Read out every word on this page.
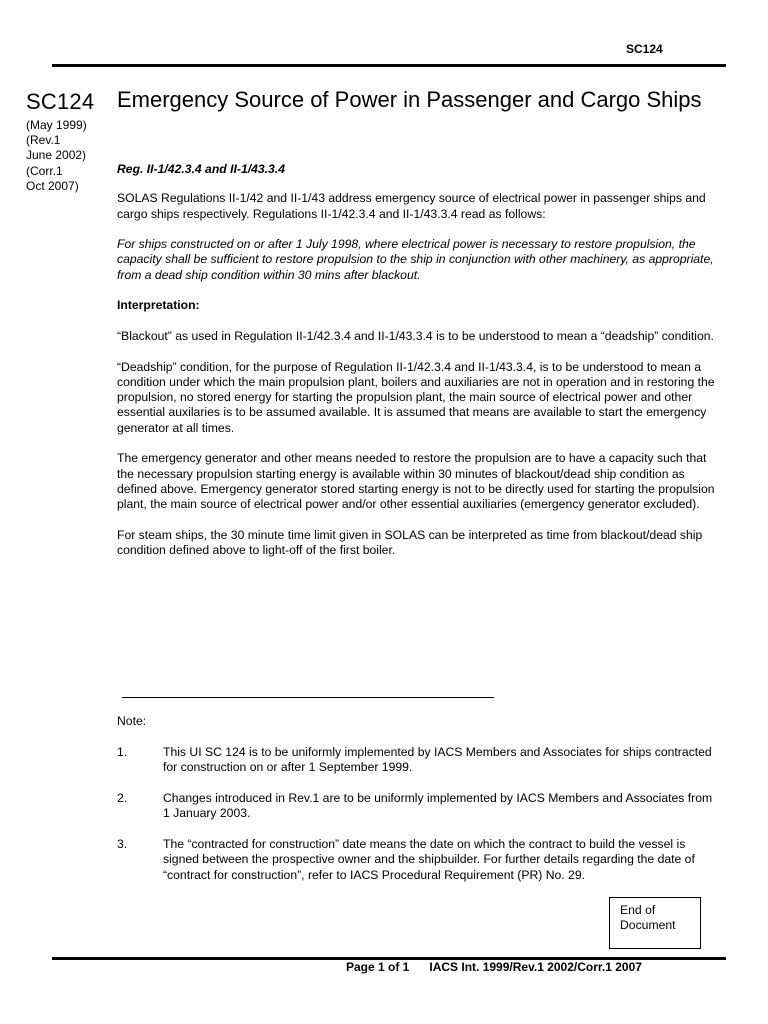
SC124
SC124
(May 1999)
(Rev.1
June 2002)
(Corr.1
Oct 2007)
Emergency Source of Power in Passenger and Cargo Ships

Reg. II-1/42.3.4 and II-1/43.3.4

SOLAS Regulations II-1/42 and II-1/43 address emergency source of electrical power in passenger ships and cargo ships respectively. Regulations II-1/42.3.4 and II-1/43.3.4 read as follows:

For ships constructed on or after 1 July 1998, where electrical power is necessary to restore propulsion, the capacity shall be sufficient to restore propulsion to the ship in conjunction with other machinery, as appropriate, from a dead ship condition within 30 mins after blackout.

Interpretation:

“Blackout” as used in Regulation II-1/42.3.4 and II-1/43.3.4 is to be understood to mean a “deadship” condition.

“Deadship” condition, for the purpose of Regulation II-1/42.3.4 and II-1/43.3.4, is to be understood to mean a condition under which the main propulsion plant, boilers and auxiliaries are not in operation and in restoring the propulsion, no stored energy for starting the propulsion plant, the main source of electrical power and other essential auxilaries is to be assumed available. It is assumed that means are available to start the emergency generator at all times.

The emergency generator and other means needed to restore the propulsion are to have a capacity such that the necessary propulsion starting energy is available within 30 minutes of blackout/dead ship condition as defined above. Emergency generator stored starting energy is not to be directly used for starting the propulsion plant, the main source of electrical power and/or other essential auxiliaries (emergency generator excluded).

For steam ships, the 30 minute time limit given in SOLAS can be interpreted as time from blackout/dead ship condition defined above to light-off of the first boiler.

Note:
1.	This UI SC 124 is to be uniformly implemented by IACS Members and Associates for ships contracted for construction on or after 1 September 1999.
2.	Changes introduced in Rev.1 are to be uniformly implemented by IACS Members and Associates from 1 January 2003.
3.	The “contracted for construction” date means the date on which the contract to build the vessel is signed between the prospective owner and the shipbuilder. For further details regarding the date of “contract for construction”, refer to IACS Procedural Requirement (PR) No. 29.
End of
Document
Page 1 of 1 IACS Int. 1999/Rev.1 2002/Corr.1 2007
